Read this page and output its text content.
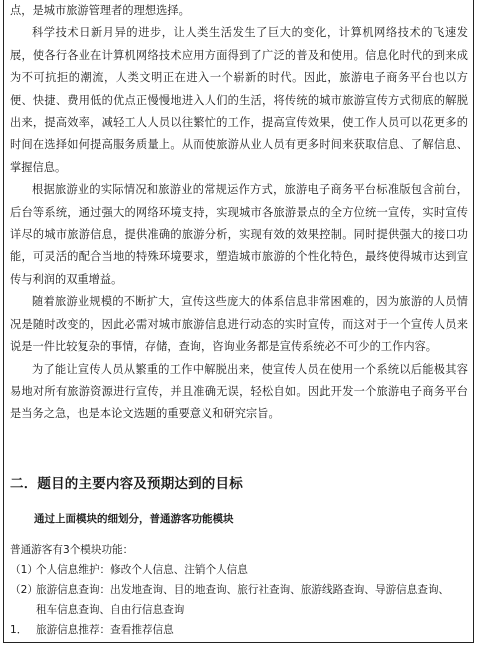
点，是城市旅游管理者的理想选择。

科学技术日新月异的进步，让人类生活发生了巨大的变化，计算机网络技术的飞速发展，使各行各业在计算机网络技术应用方面得到了广泛的普及和使用。信息化时代的到来成为不可抗拒的潮流，人类文明正在进入一个崭新的时代。因此，旅游电子商务平台也以方便、快捷、费用低的优点正慢慢地进入人们的生活，将传统的城市旅游宣传方式彻底的解脱出来，提高效率，减轻工人人员以往繁忙的工作，提高宣传效果，使工作人员可以花更多的时间在选择如何提高服务质量上。从而使旅游从业人员有更多时间来获取信息、了解信息、掌握信息。

根据旅游业的实际情况和旅游业的常规运作方式，旅游电子商务平台标准版包含前台，后台等系统，通过强大的网络环境支持，实现城市各旅游景点的全方位统一宣传，实时宣传详尽的城市旅游信息，提供准确的旅游分析，实现有效的效果控制。同时提供强大的接口功能，可灵活的配合当地的特殊环境要求，塑造城市旅游的个性化特色，最终使得城市达到宣传与利润的双重增益。

随着旅游业规模的不断扩大，宣传这些庞大的体系信息非常困难的，因为旅游的人员情况是随时改变的，因此必需对城市旅游信息进行动态的实时宣传，而这对于一个宣传人员来说是一件比较复杂的事情，存储，查询，咨询业务都是宣传系统必不可少的工作内容。

为了能让宣传人员从繁重的工作中解脱出来，使宣传人员在使用一个系统以后能极其容易地对所有旅游资源进行宣传，并且准确无误，轻松自如。因此开发一个旅游电子商务平台是当务之急，也是本论文选题的重要意义和研究宗旨。

二．题目的主要内容及预期达到的目标
通过上面模块的细划分，普通游客功能模块
普通游客有3个模块功能：
（1）个人信息维护：修改个人信息、注销个人信息
（2）旅游信息查询：出发地查询、目的地查询、旅行社查询、旅游线路查询、导游信息查询、
租车信息查询、自由行信息查询
1． 旅游信息推荐：查看推荐信息
